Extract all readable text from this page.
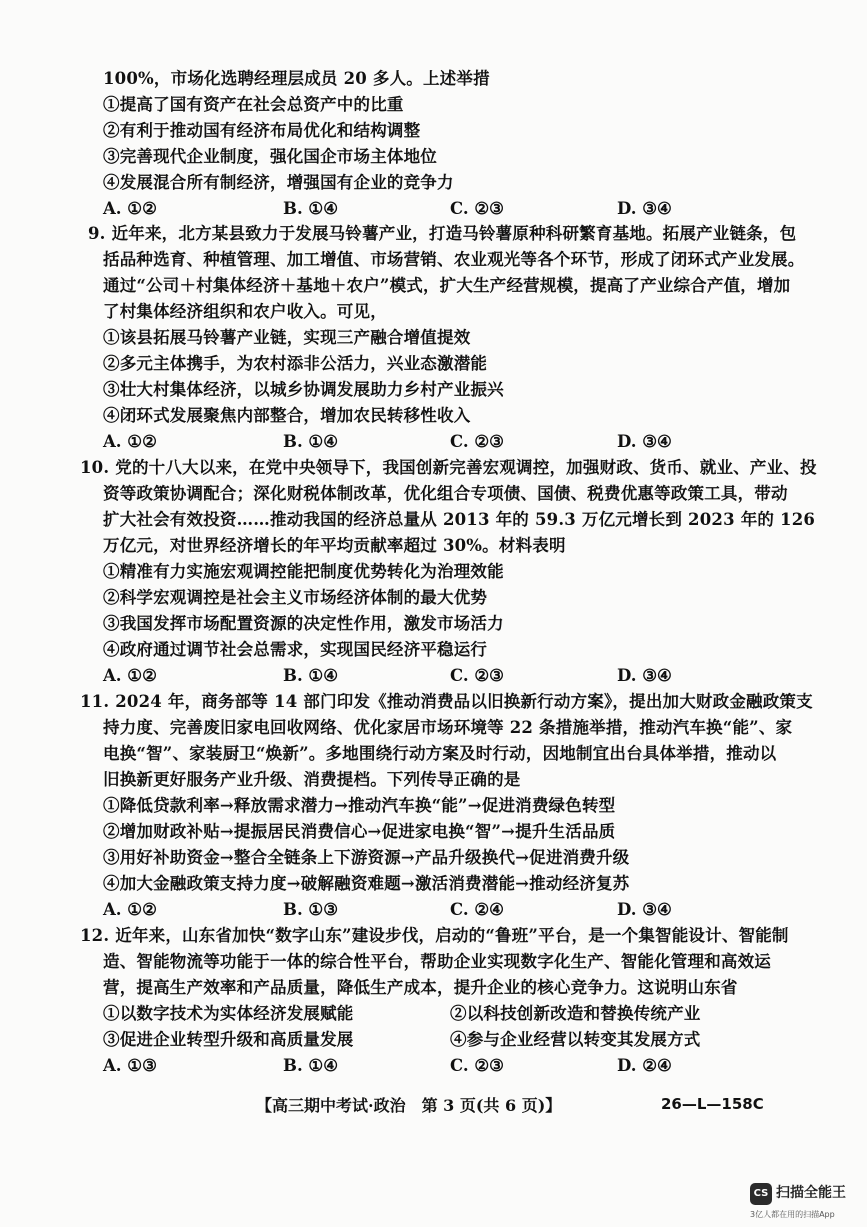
100%，市场化选聘经理层成员 20 多人。上述举措
①提高了国有资产在社会总资产中的比重
②有利于推动国有经济布局优化和结构调整
③完善现代企业制度，强化国企市场主体地位
④发展混合所有制经济，增强国有企业的竞争力
A. ①②	B. ①④	C. ②③	D. ③④
9. 近年来，北方某县致力于发展马铃薯产业，打造马铃薯原种科研繁育基地。拓展产业链条，包
括品种选育、种植管理、加工增值、市场营销、农业观光等各个环节，形成了闭环式产业发展。
通过“公司＋村集体经济＋基地＋农户”模式，扩大生产经营规模，提高了产业综合产值，增加
了村集体经济组织和农户收入。可见，
①该县拓展马铃薯产业链，实现三产融合增值提效
②多元主体携手，为农村添非公活力，兴业态激潜能
③壮大村集体经济，以城乡协调发展助力乡村产业振兴
④闭环式发展聚焦内部整合，增加农民转移性收入
A. ①②	B. ①④	C. ②③	D. ③④
10. 党的十八大以来，在党中央领导下，我国创新完善宏观调控，加强财政、货币、就业、产业、投
资等政策协调配合；深化财税体制改革，优化组合专项债、国债、税费优惠等政策工具，带动
扩大社会有效投资……推动我国的经济总量从 2013 年的 59.3 万亿元增长到 2023 年的 126
万亿元，对世界经济增长的年平均贡献率超过 30%。材料表明
①精准有力实施宏观调控能把制度优势转化为治理效能
②科学宏观调控是社会主义市场经济体制的最大优势
③我国发挥市场配置资源的决定性作用，激发市场活力
④政府通过调节社会总需求，实现国民经济平稳运行
A. ①②	B. ①④	C. ②③	D. ③④
11. 2024 年，商务部等 14 部门印发《推动消费品以旧换新行动方案》，提出加大财政金融政策支
持力度、完善废旧家电回收网络、优化家居市场环境等 22 条措施举措，推动汽车换“能”、家
电换“智”、家装厨卫“焕新”。多地围绕行动方案及时行动，因地制宜出台具体举措，推动以
旧换新更好服务产业升级、消费提档。下列传导正确的是
①降低贷款利率→释放需求潜力→推动汽车换“能”→促进消费绿色转型
②增加财政补贴→提振居民消费信心→促进家电换“智”→提升生活品质
③用好补助资金→整合全链条上下游资源→产品升级换代→促进消费升级
④加大金融政策支持力度→破解融资难题→激活消费潜能→推动经济复苏
A. ①②	B. ①③	C. ②④	D. ③④
12. 近年来，山东省加快“数字山东”建设步伐，启动的“鲁班”平台，是一个集智能设计、智能制
造、智能物流等功能于一体的综合性平台，帮助企业实现数字化生产、智能化管理和高效运
营，提高生产效率和产品质量，降低生产成本，提升企业的核心竞争力。这说明山东省
①以数字技术为实体经济发展赋能	②以科技创新改造和替换传统产业
③促进企业转型升级和高质量发展	④参与企业经营以转变其发展方式
A. ①③	B. ①④	C. ②③	D. ②④
【高三期中考试·政治　第 3 页(共 6 页)】	26—L—158C
CS 扫描全能王
3亿人都在用的扫描App
